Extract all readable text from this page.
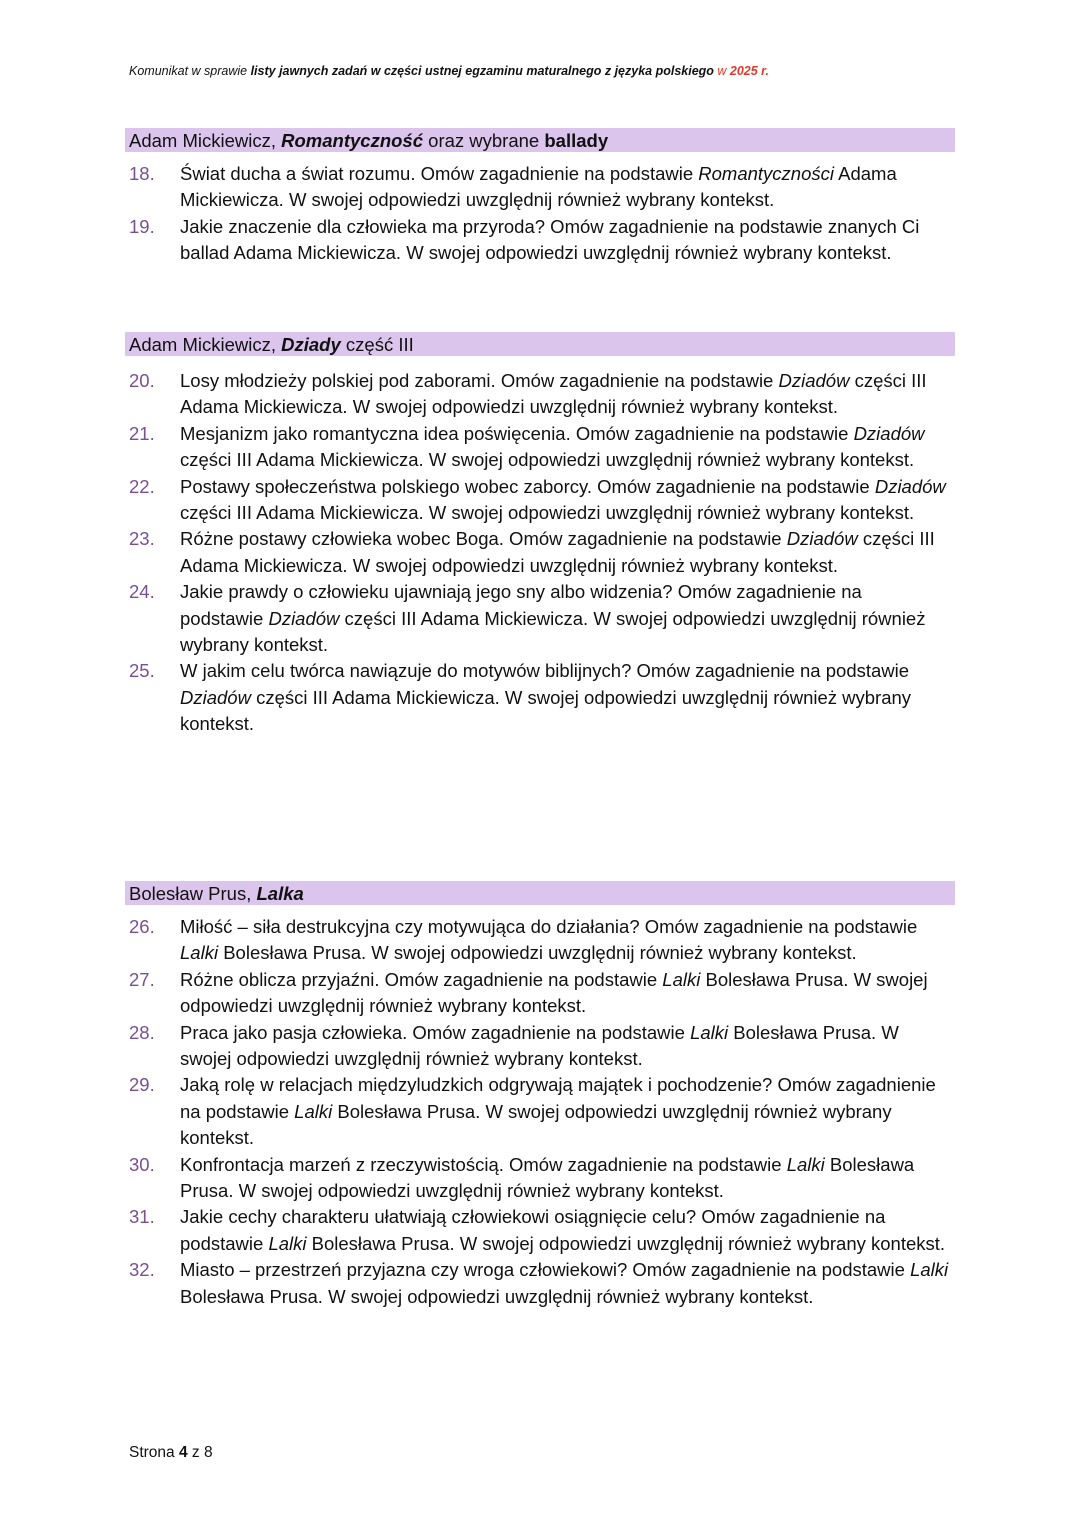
Komunikat w sprawie listy jawnych zadań w części ustnej egzaminu maturalnego z języka polskiego w 2025 r.
Adam Mickiewicz, Romantyczność oraz wybrane ballady
18.	Świat ducha a świat rozumu. Omów zagadnienie na podstawie Romantyczności Adama Mickiewicza. W swojej odpowiedzi uwzględnij również wybrany kontekst.
19.	Jakie znaczenie dla człowieka ma przyroda? Omów zagadnienie na podstawie znanych Ci ballad Adama Mickiewicza. W swojej odpowiedzi uwzględnij również wybrany kontekst.
Adam Mickiewicz, Dziady część III
20.	Losy młodzieży polskiej pod zaborami. Omów zagadnienie na podstawie Dziadów części III Adama Mickiewicza. W swojej odpowiedzi uwzględnij również wybrany kontekst.
21.	Mesjanizm jako romantyczna idea poświęcenia. Omów zagadnienie na podstawie Dziadów części III Adama Mickiewicza. W swojej odpowiedzi uwzględnij również wybrany kontekst.
22.	Postawy społeczeństwa polskiego wobec zaborcy. Omów zagadnienie na podstawie Dziadów części III Adama Mickiewicza. W swojej odpowiedzi uwzględnij również wybrany kontekst.
23.	Różne postawy człowieka wobec Boga. Omów zagadnienie na podstawie Dziadów części III Adama Mickiewicza. W swojej odpowiedzi uwzględnij również wybrany kontekst.
24.	Jakie prawdy o człowieku ujawniają jego sny albo widzenia? Omów zagadnienie na podstawie Dziadów części III Adama Mickiewicza. W swojej odpowiedzi uwzględnij również wybrany kontekst.
25.	W jakim celu twórca nawiązuje do motywów biblijnych? Omów zagadnienie na podstawie Dziadów części III Adama Mickiewicza. W swojej odpowiedzi uwzględnij również wybrany kontekst.
Bolesław Prus, Lalka
26.	Miłość – siła destrukcyjna czy motywująca do działania? Omów zagadnienie na podstawie Lalki Bolesława Prusa. W swojej odpowiedzi uwzględnij również wybrany kontekst.
27.	Różne oblicza przyjaźni. Omów zagadnienie na podstawie Lalki Bolesława Prusa. W swojej odpowiedzi uwzględnij również wybrany kontekst.
28.	Praca jako pasja człowieka. Omów zagadnienie na podstawie Lalki Bolesława Prusa. W swojej odpowiedzi uwzględnij również wybrany kontekst.
29.	Jaką rolę w relacjach międzyludzkich odgrywają majątek i pochodzenie? Omów zagadnienie na podstawie Lalki Bolesława Prusa. W swojej odpowiedzi uwzględnij również wybrany kontekst.
30.	Konfrontacja marzeń z rzeczywistością. Omów zagadnienie na podstawie Lalki Bolesława Prusa. W swojej odpowiedzi uwzględnij również wybrany kontekst.
31.	Jakie cechy charakteru ułatwiają człowiekowi osiągnięcie celu? Omów zagadnienie na podstawie Lalki Bolesława Prusa. W swojej odpowiedzi uwzględnij również wybrany kontekst.
32.	Miasto – przestrzeń przyjazna czy wroga człowiekowi? Omów zagadnienie na podstawie Lalki Bolesława Prusa. W swojej odpowiedzi uwzględnij również wybrany kontekst.
Strona 4 z 8
